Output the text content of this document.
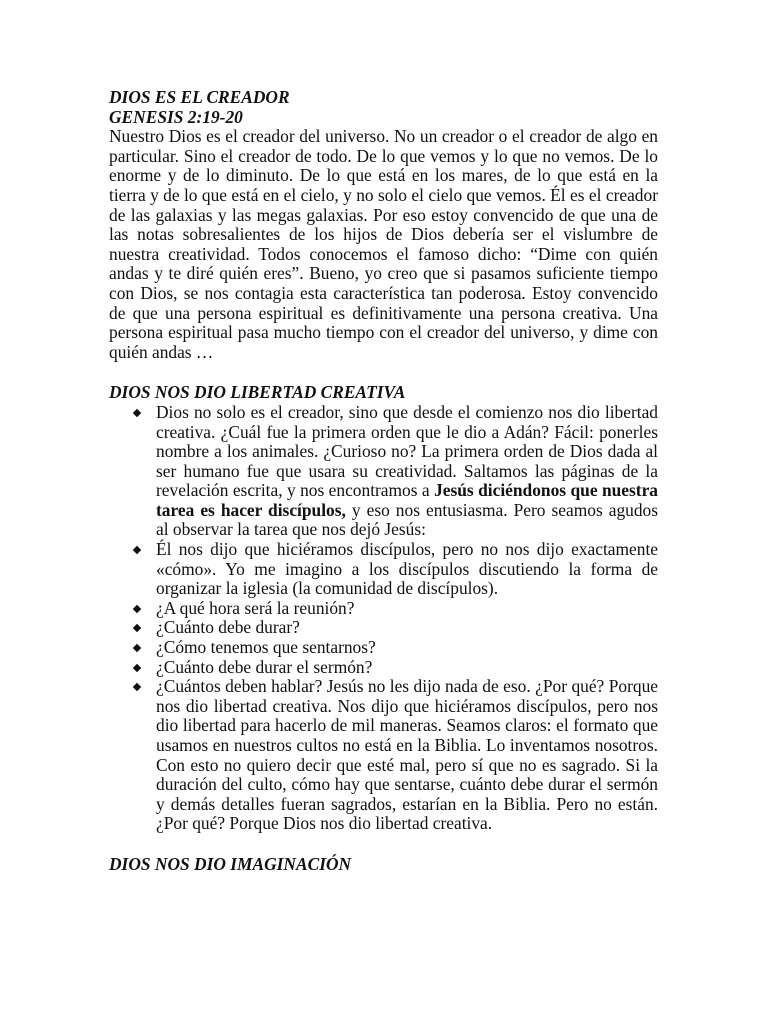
DIOS ES EL CREADOR
GENESIS 2:19-20

Nuestro Dios es el creador del universo. No un creador o el creador de algo en particular. Sino el creador de todo. De lo que vemos y lo que no vemos. De lo enorme y de lo diminuto. De lo que está en los mares, de lo que está en la tierra y de lo que está en el cielo, y no solo el cielo que vemos. Él es el creador de las galaxias y las megas galaxias. Por eso estoy convencido de que una de las notas sobresalientes de los hijos de Dios debería ser el vislumbre de nuestra creatividad. Todos conocemos el famoso dicho: “Dime con quién andas y te diré quién eres”. Bueno, yo creo que si pasamos suficiente tiempo con Dios, se nos contagia esta característica tan poderosa. Estoy convencido de que una persona espiritual es definitivamente una persona creativa. Una persona espiritual pasa mucho tiempo con el creador del universo, y dime con quién andas …

DIOS NOS DIO LIBERTAD CREATIVA
Dios no solo es el creador, sino que desde el comienzo nos dio libertad creativa. ¿Cuál fue la primera orden que le dio a Adán? Fácil: ponerles nombre a los animales. ¿Curioso no? La primera orden de Dios dada al ser humano fue que usara su creatividad. Saltamos las páginas de la revelación escrita, y nos encontramos a Jesús diciéndonos que nuestra tarea es hacer discípulos, y eso nos entusiasma. Pero seamos agudos al observar la tarea que nos dejó Jesús:
Él nos dijo que hiciéramos discípulos, pero no nos dijo exactamente «cómo». Yo me imagino a los discípulos discutiendo la forma de organizar la iglesia (la comunidad de discípulos).
¿A qué hora será la reunión?
¿Cuánto debe durar?
¿Cómo tenemos que sentarnos?
¿Cuánto debe durar el sermón?
¿Cuántos deben hablar? Jesús no les dijo nada de eso. ¿Por qué? Porque nos dio libertad creativa. Nos dijo que hiciéramos discípulos, pero nos dio libertad para hacerlo de mil maneras. Seamos claros: el formato que usamos en nuestros cultos no está en la Biblia. Lo inventamos nosotros. Con esto no quiero decir que esté mal, pero sí que no es sagrado. Si la duración del culto, cómo hay que sentarse, cuánto debe durar el sermón y demás detalles fueran sagrados, estarían en la Biblia. Pero no están. ¿Por qué? Porque Dios nos dio libertad creativa.
DIOS NOS DIO IMAGINACIÓN
